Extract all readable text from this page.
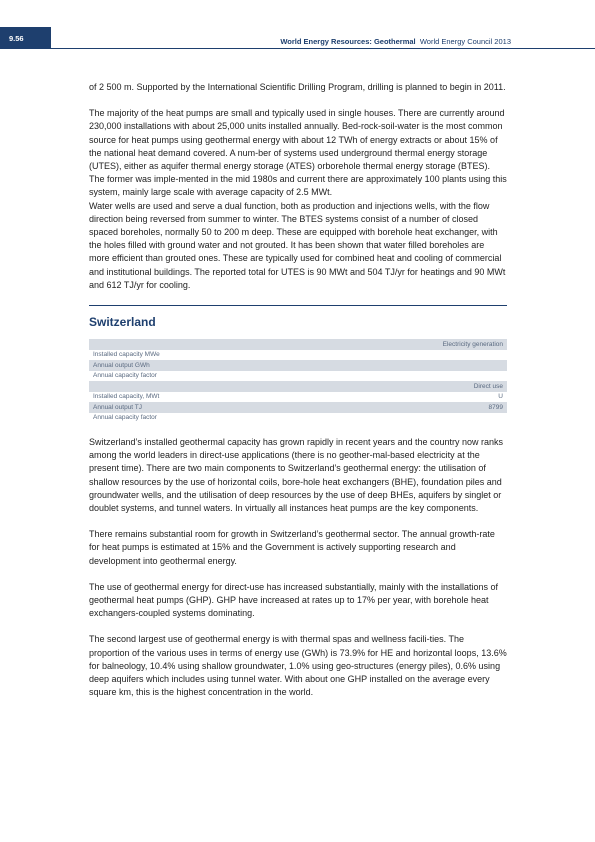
9.56	World Energy Resources: Geothermal World Energy Council 2013

of 2 500 m. Supported by the International Scientific Drilling Program, drilling is planned to begin in 2011.

The majority of the heat pumps are small and typically used in single houses. There are currently around 230,000 installations with about 25,000 units installed annually. Bed-rock-soil-water is the most common source for heat pumps using geothermal energy with about 12 TWh of energy extracts or about 15% of the national heat demand covered. A num-ber of systems used underground thermal energy storage (UTES), either as aquifer thermal energy storage (ATES) orborehole thermal energy storage (BTES). The former was imple-mented in the mid 1980s and current there are approximately 100 plants using this system, mainly large scale with average capacity of 2.5 MWt.

Water wells are used and serve a dual function, both as production and injections wells, with the flow direction being reversed from summer to winter. The BTES systems consist of a number of closed spaced boreholes, normally 50 to 200 m deep. These are equipped with borehole heat exchanger, with the holes filled with ground water and not grouted. It has been shown that water filled boreholes are more efficient than grouted ones. These are typically used for combined heat and cooling of commercial and institutional buildings. The reported total for UTES is 90 MWt and 504 TJ/yr for heatings and 90 MWt and 612 TJ/yr for cooling.

Switzerland
Electricity generation
Installed capacity MWe
Annual output GWh
Annual capacity factor
Direct use
Installed capacity, MWt	U
Annual output TJ	8799
Annual capacity factor

Switzerland’s installed geothermal capacity has grown rapidly in recent years and the country now ranks among the world leaders in direct-use applications (there is no geother-mal-based electricity at the present time). There are two main components to Switzerland’s geothermal energy: the utilisation of shallow resources by the use of horizontal coils, bore-hole heat exchangers (BHE), foundation piles and groundwater wells, and the utilisation of deep resources by the use of deep BHEs, aquifers by singlet or doublet systems, and tunnel waters. In virtually all instances heat pumps are the key components.

There remains substantial room for growth in Switzerland’s geothermal sector. The annual growth-rate for heat pumps is estimated at 15% and the Government is actively supporting research and development into geothermal energy.

The use of geothermal energy for direct-use has increased substantially, mainly with the installations of geothermal heat pumps (GHP). GHP have increased at rates up to 17% per year, with borehole heat exchangers-coupled systems dominating.

The second largest use of geothermal energy is with thermal spas and wellness facili-ties. The proportion of the various uses in terms of energy use (GWh) is 73.9% for HE and horizontal loops, 13.6% for balneology, 10.4% using shallow groundwater, 1.0% using geo-structures (energy piles), 0.6% using deep aquifers which includes using tunnel water. With about one GHP installed on the average every square km, this is the highest concentration in the world.
